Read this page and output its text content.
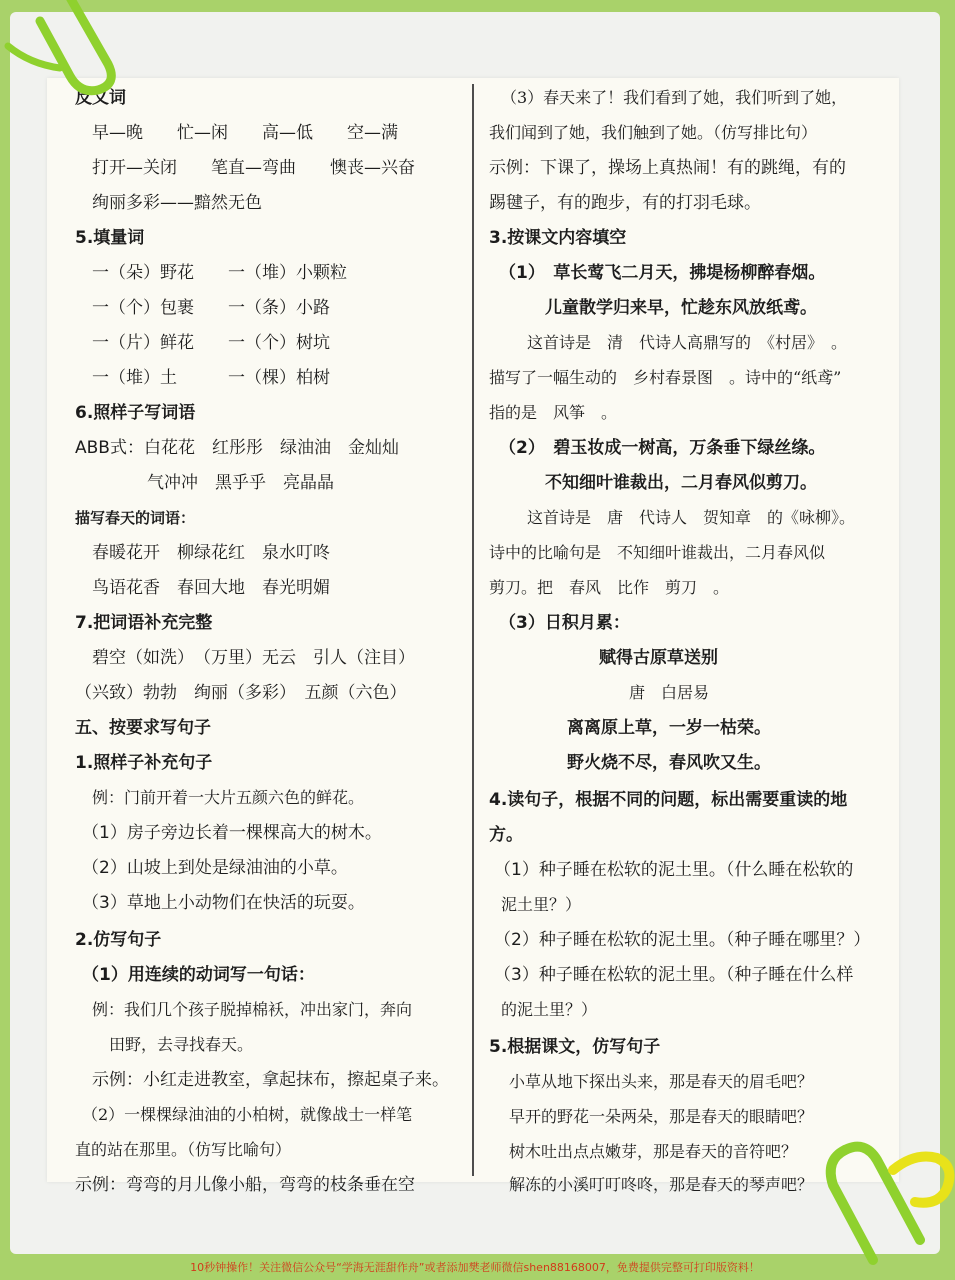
反义词
早—晚　　忙—闲　　高—低　　空—满
打开—关闭　　笔直—弯曲　　懊丧—兴奋
绚丽多彩——黯然无色
5.填量词
一（朵）野花　　一（堆）小颗粒
一（个）包裹　　一（条）小路
一（片）鲜花　　一（个）树坑
一（堆）土　　　一（棵）柏树
6.照样子写词语
ABB式：白花花　红彤彤　绿油油　金灿灿
气冲冲　黑乎乎　亮晶晶
描写春天的词语：
春暖花开　柳绿花红　泉水叮咚
鸟语花香　春回大地　春光明媚
7.把词语补充完整
碧空（如洗）　（万里）无云　引人（注目）
（兴致）勃勃　绚丽（多彩）　五颜（六色）
五、按要求写句子
1.照样子补充句子
例：门前开着一大片五颜六色的鲜花。
（1）房子旁边长着一棵棵高大的树木。
（2）山坡上到处是绿油油的小草。
（3）草地上小动物们在快活的玩耍。
2.仿写句子
（1）用连续的动词写一句话：
例：我们几个孩子脱掉棉袄，冲出家门，奔向
田野，去寻找春天。
示例：小红走进教室，拿起抹布，擦起桌子来。
（2）一棵棵绿油油的小柏树，就像战士一样笔
直的站在那里。（仿写比喻句）
示例：弯弯的月儿像小船，弯弯的枝条垂在空
（3）春天来了！我们看到了她，我们听到了她，
我们闻到了她，我们触到了她。（仿写排比句）
示例：下课了，操场上真热闹！有的跳绳，有的
踢毽子，有的跑步，有的打羽毛球。
3.按课文内容填空
（1）　草长莺飞二月天，拂堤杨柳醉春烟。
儿童散学归来早，忙趁东风放纸鸢。
这首诗是　清　代诗人高鼎写的　《村居》　。
描写了一幅生动的　乡村春景图　。诗中的“纸鸢”
指的是　风筝　。
（2）　碧玉妆成一树高，万条垂下绿丝绦。
不知细叶谁裁出，二月春风似剪刀。
这首诗是　唐　代诗人　贺知章　的《咏柳》。
诗中的比喻句是　不知细叶谁裁出，二月春风似
剪刀。把　春风　比作　剪刀　。
（3）日积月累：
赋得古原草送别
唐　白居易
离离原上草，一岁一枯荣。
野火烧不尽，春风吹又生。
4.读句子，根据不同的问题，标出需要重读的地
方。
（1）种子睡在松软的泥土里。（什么睡在松软的
泥土里？）
（2）种子睡在松软的泥土里。（种子睡在哪里？）
（3）种子睡在松软的泥土里。（种子睡在什么样
的泥土里？）
5.根据课文，仿写句子
小草从地下探出头来，那是春天的眉毛吧？
早开的野花一朵两朵，那是春天的眼睛吧？
树木吐出点点嫩芽，那是春天的音符吧？
解冻的小溪叮叮咚咚，那是春天的琴声吧？
10秒钟操作！关注微信公众号“学海无涯甜作舟”或者添加樊老师微信shen88168007，免费提供完整可打印版资料！
